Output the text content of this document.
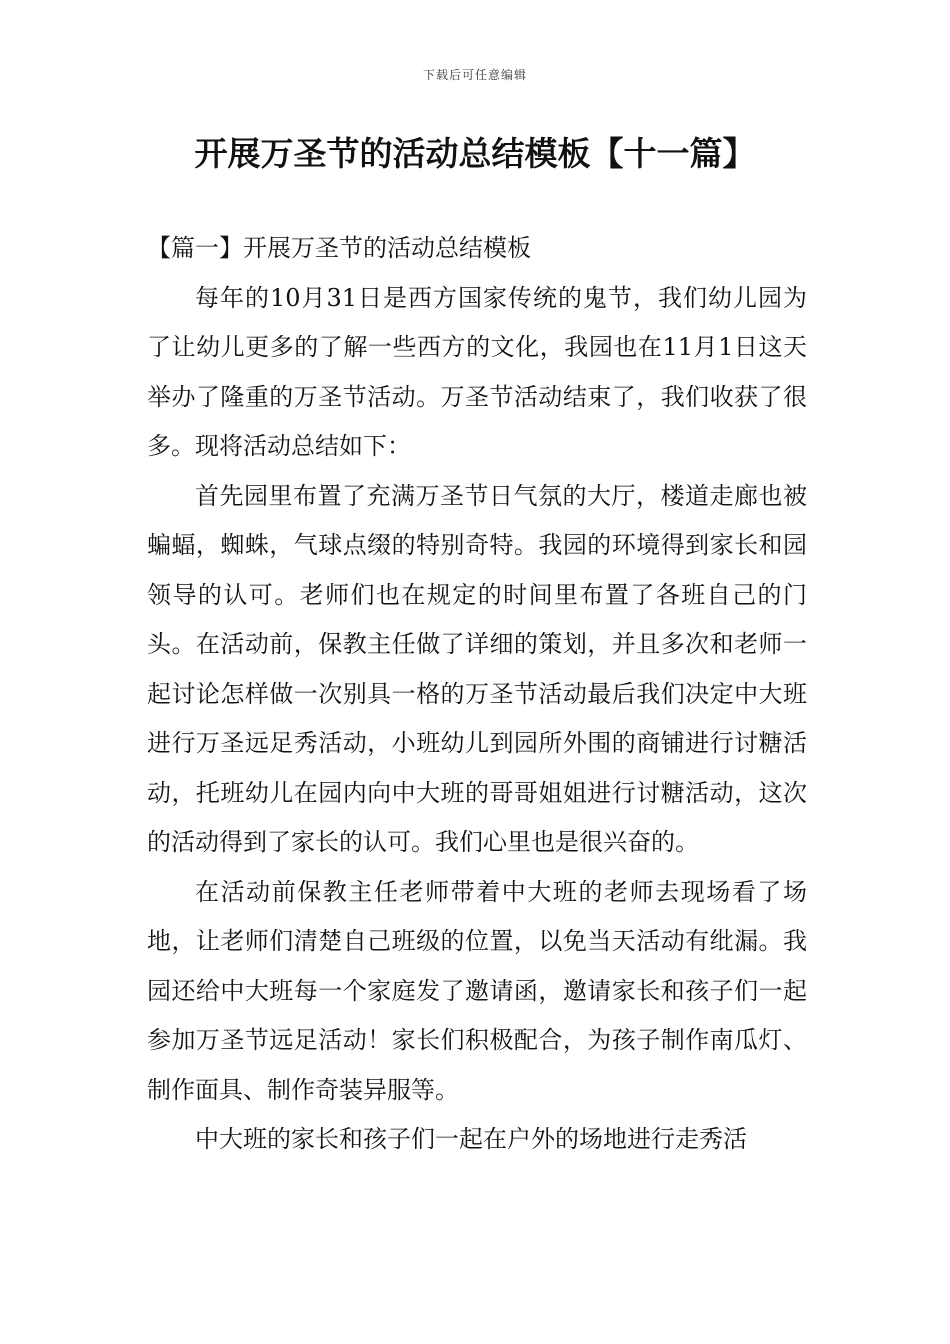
下载后可任意编辑
开展万圣节的活动总结模板【十一篇】
【篇一】开展万圣节的活动总结模板

每年的10月31日是西方国家传统的鬼节，我们幼儿园为了让幼儿更多的了解一些西方的文化，我园也在11月1日这天举办了隆重的万圣节活动。万圣节活动结束了，我们收获了很多。现将活动总结如下：

首先园里布置了充满万圣节日气氛的大厅，楼道走廊也被蝙蝠，蜘蛛，气球点缀的特别奇特。我园的环境得到家长和园领导的认可。老师们也在规定的时间里布置了各班自己的门头。在活动前，保教主任做了详细的策划，并且多次和老师一起讨论怎样做一次别具一格的万圣节活动最后我们决定中大班进行万圣远足秀活动，小班幼儿到园所外围的商铺进行讨糖活动，托班幼儿在园内向中大班的哥哥姐姐进行讨糖活动，这次的活动得到了家长的认可。我们心里也是很兴奋的。

在活动前保教主任老师带着中大班的老师去现场看了场地，让老师们清楚自己班级的位置，以免当天活动有纰漏。我园还给中大班每一个家庭发了邀请函，邀请家长和孩子们一起参加万圣节远足活动！家长们积极配合，为孩子制作南瓜灯、制作面具、制作奇装异服等。

中大班的家长和孩子们一起在户外的场地进行走秀活
